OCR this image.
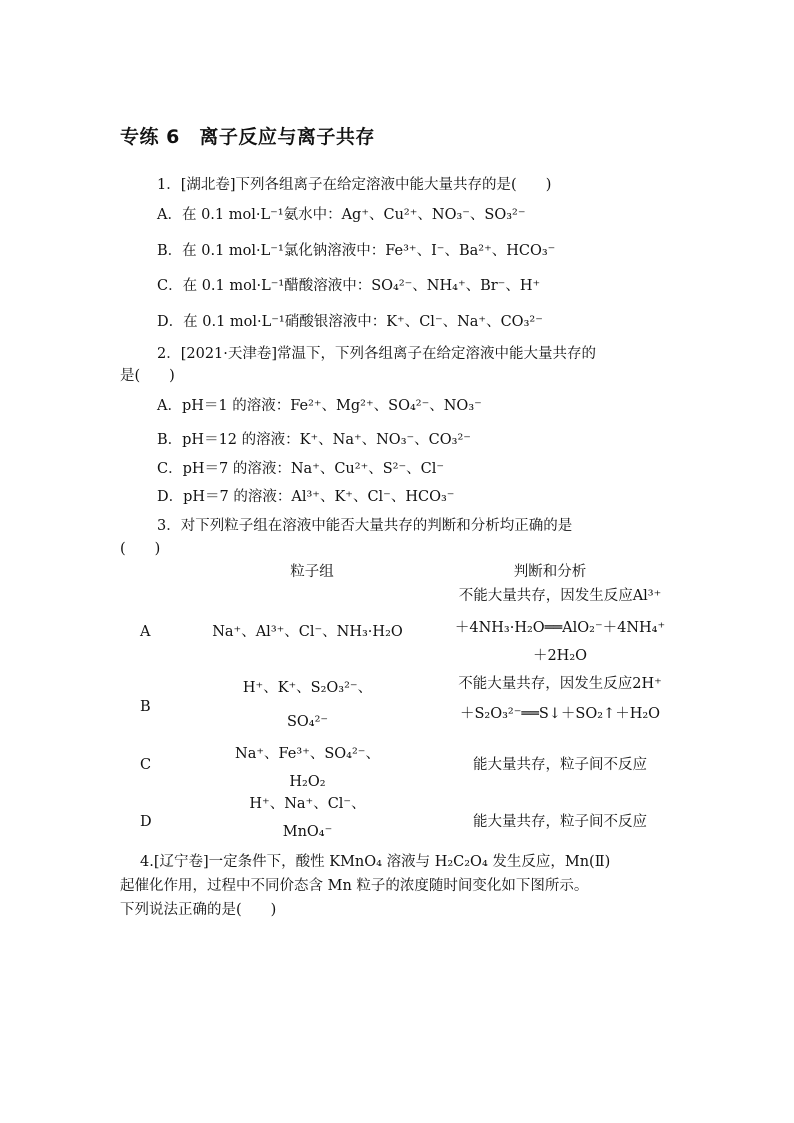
专练 6　离子反应与离子共存
1．[湖北卷]下列各组离子在给定溶液中能大量共存的是(　　)
A．在 0.1 mol·L⁻¹氨水中：Ag⁺、Cu²⁺、NO₃⁻、SO₃²⁻
B．在 0.1 mol·L⁻¹氯化钠溶液中：Fe³⁺、I⁻、Ba²⁺、HCO₃⁻
C．在 0.1 mol·L⁻¹醋酸溶液中：SO₄²⁻、NH₄⁺、Br⁻、H⁺
D．在 0.1 mol·L⁻¹硝酸银溶液中：K⁺、Cl⁻、Na⁺、CO₃²⁻
2．[2021·天津卷]常温下，下列各组离子在给定溶液中能大量共存的
是(　　)
A．pH＝1 的溶液：Fe²⁺、Mg²⁺、SO₄²⁻、NO₃⁻
B．pH＝12 的溶液：K⁺、Na⁺、NO₃⁻、CO₃²⁻
C．pH＝7 的溶液：Na⁺、Cu²⁺、S²⁻、Cl⁻
D．pH＝7 的溶液：Al³⁺、K⁺、Cl⁻、HCO₃⁻
3．对下列粒子组在溶液中能否大量共存的判断和分析均正确的是
(　　)
粒子组	判断和分析
A	Na⁺、Al³⁺、Cl⁻、NH₃·H₂O
不能大量共存，因发生反应Al³⁺
＋4NH₃·H₂O══AlO₂⁻＋4NH₄⁺
＋2H₂O
B
H⁺、K⁺、S₂O₃²⁻、
SO₄²⁻
不能大量共存，因发生反应2H⁺
＋S₂O₃²⁻══S↓＋SO₂↑＋H₂O
C
Na⁺、Fe³⁺、SO₄²⁻、
H₂O₂
能大量共存，粒子间不反应
D
H⁺、Na⁺、Cl⁻、
MnO₄⁻
能大量共存，粒子间不反应
4.[辽宁卷]一定条件下，酸性 KMnO₄ 溶液与 H₂C₂O₄ 发生反应，Mn(Ⅱ)
起催化作用，过程中不同价态含 Mn 粒子的浓度随时间变化如下图所示。
下列说法正确的是(　　)
